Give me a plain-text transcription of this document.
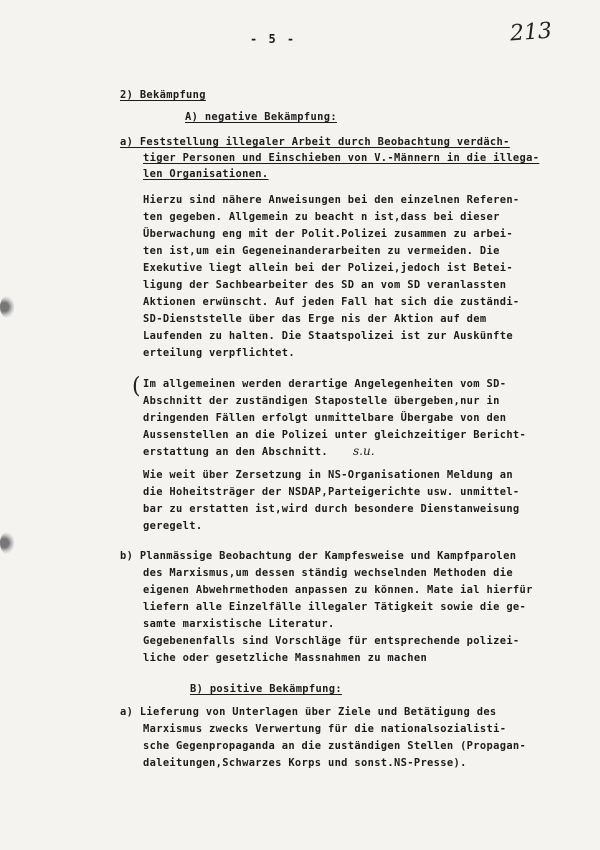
- 5 -	213
2) Bekämpfung
A) negative Bekämpfung:
a) Feststellung illegaler Arbeit durch Beobachtung verdäch-
tiger Personen und Einschieben von V.-Männern in die illega-
len Organisationen.
Hierzu sind nähere Anweisungen bei den einzelnen Referen-
ten gegeben. Allgemein zu beacht n ist,dass bei dieser
Überwachung eng mit der Polit.Polizei zusammen zu arbei-
ten ist,um ein Gegeneinanderarbeiten zu vermeiden. Die
Exekutive liegt allein bei der Polizei,jedoch ist Betei-
ligung der Sachbearbeiter des SD an vom SD veranlassten
Aktionen erwünscht. Auf jeden Fall hat sich die zuständi-
SD-Dienststelle über das Erge nis der Aktion auf dem
Laufenden zu halten. Die Staatspolizei ist zur Auskünfte
erteilung verpflichtet.
( Im allgemeinen werden derartige Angelegenheiten vom SD-
Abschnitt der zuständigen Stapostelle übergeben,nur in
dringenden Fällen erfolgt unmittelbare Übergabe von den
Aussenstellen an die Polizei unter gleichzeitiger Bericht-
erstattung an den Abschnitt. s.u.
Wie weit über Zersetzung in NS-Organisationen Meldung an
die Hoheitsträger der NSDAP,Parteigerichte usw. unmittel-
bar zu erstatten ist,wird durch besondere Dienstanweisung
geregelt.
b) Planmässige Beobachtung der Kampfesweise und Kampfparolen
des Marxismus,um dessen ständig wechselnden Methoden die
eigenen Abwehrmethoden anpassen zu können. Mate ial hierfür
liefern alle Einzelfälle illegaler Tätigkeit sowie die ge-
samte marxistische Literatur.
Gegebenenfalls sind Vorschläge für entsprechende polizei-
liche oder gesetzliche Massnahmen zu machen
B) positive Bekämpfung:
a) Lieferung von Unterlagen über Ziele und Betätigung des
Marxismus zwecks Verwertung für die nationalsozialisti-
sche Gegenpropaganda an die zuständigen Stellen (Propagan-
daleitungen,Schwarzes Korps und sonst.NS-Presse).
